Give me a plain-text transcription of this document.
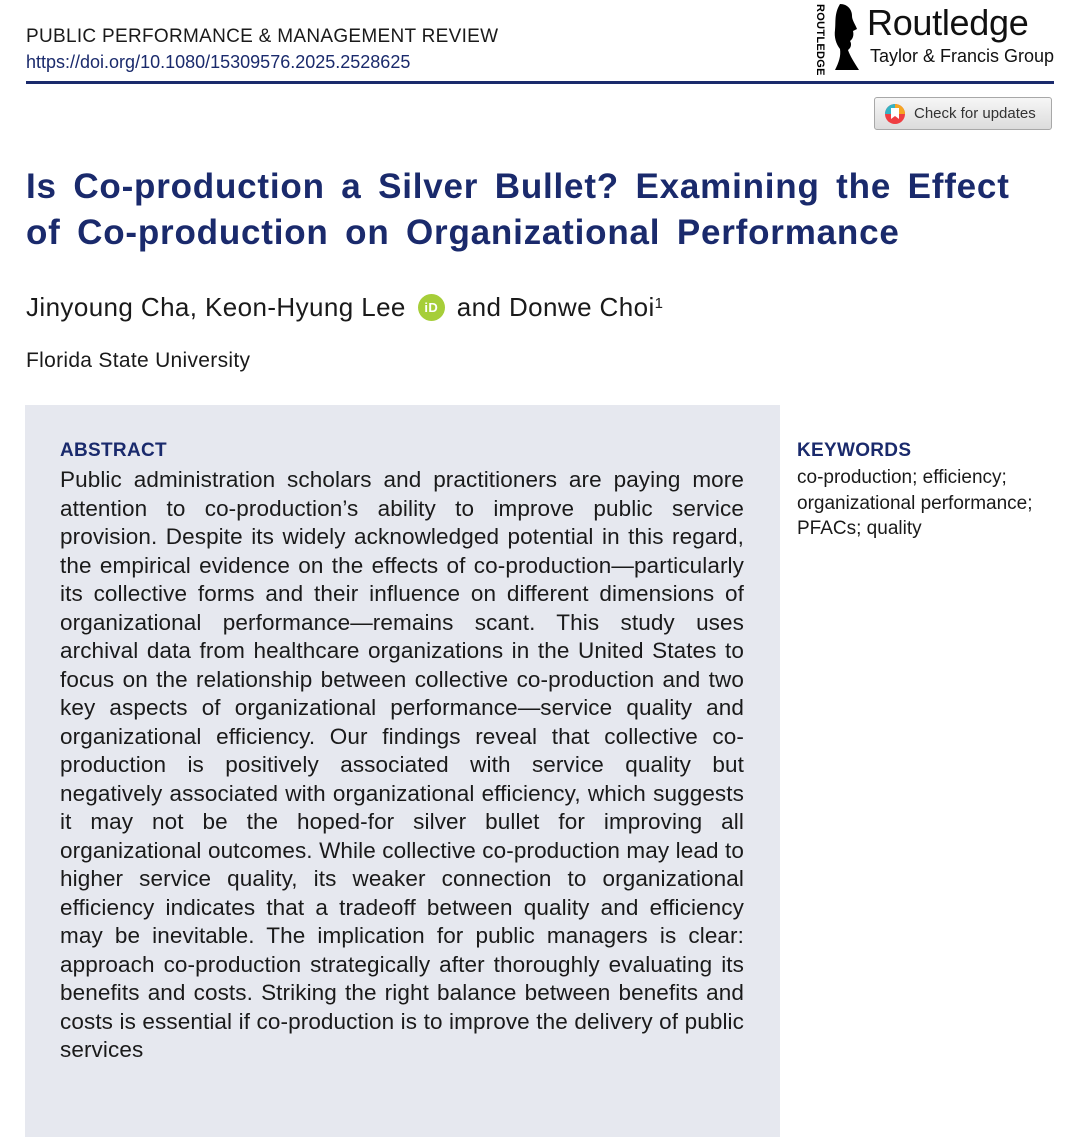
PUBLIC PERFORMANCE & MANAGEMENT REVIEW
https://doi.org/10.1080/15309576.2025.2528625	ROUTLEDGE Routledge
Taylor & Francis Group
Check for updates
Is Co-production a Silver Bullet? Examining the Effect of Co-production on Organizational Performance
Jinyoung Cha, Keon-Hyung Lee	iD and Donwe Choi$^1$
Florida State University
ABSTRACT

Public administration scholars and practitioners are paying more attention to co-production’s ability to improve public service provision. Despite its widely acknowledged potential in this regard, the empirical evidence on the effects of co-production—particularly its collective forms and their influence on different dimensions of organizational performance—remains scant. This study uses archival data from healthcare organizations in the United States to focus on the relationship between collective co-production and two key aspects of organizational performance—service quality and organizational efficiency. Our findings reveal that collective co-production is positively associated with service quality but negatively associated with organizational efficiency, which suggests it may not be the hoped-for silver bullet for improving all organizational outcomes. While collective co-production may lead to higher service quality, its weaker connection to organizational efficiency indicates that a tradeoff between quality and efficiency may be inevitable. The implication for public managers is clear: approach co-production strategically after thoroughly evaluating its benefits and costs. Striking the right balance between benefits and costs is essential if co-production is to improve the delivery of public services

KEYWORDS

co-production; efficiency; organizational performance; PFACs; quality
